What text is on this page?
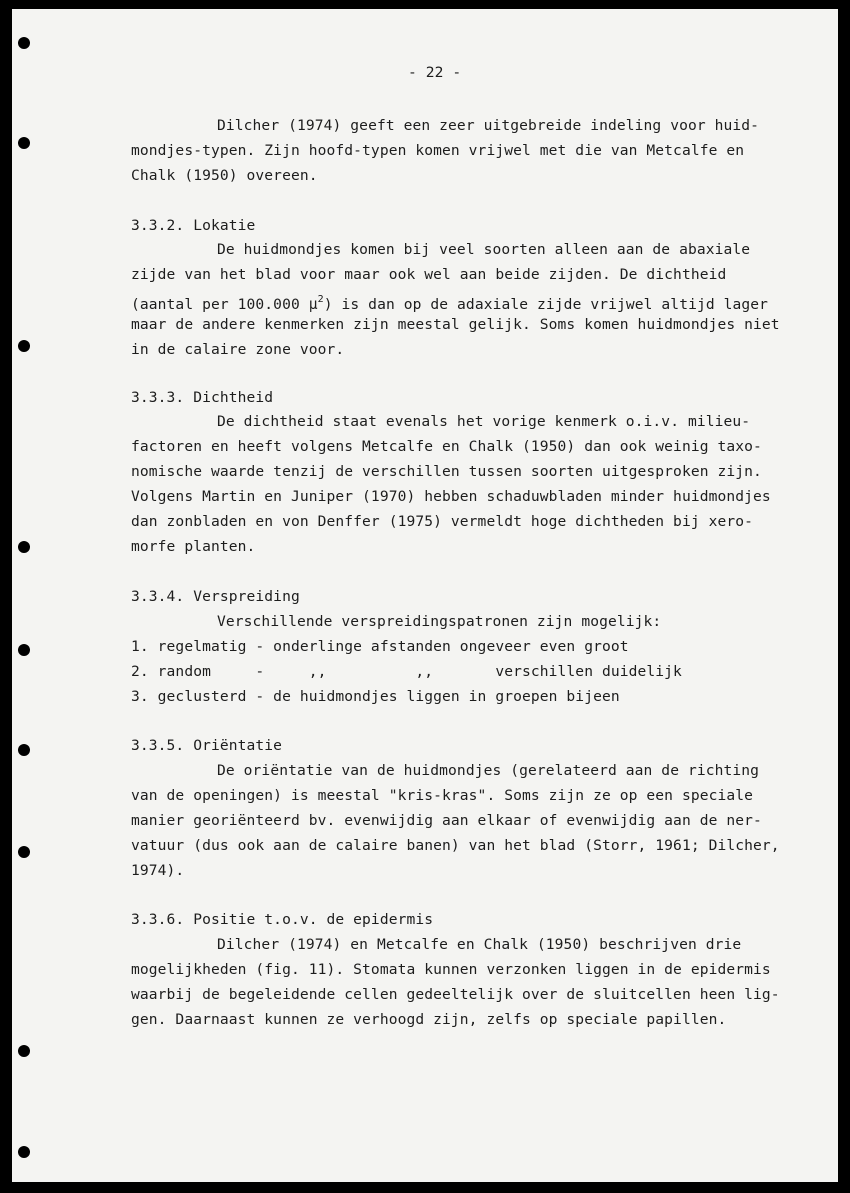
- 22 -
Dilcher (1974) geeft een zeer uitgebreide indeling voor huid-
mondjes-typen. Zijn hoofd-typen komen vrijwel met die van Metcalfe en
Chalk (1950) overeen.
3.3.2. Lokatie
De huidmondjes komen bij veel soorten alleen aan de abaxiale
zijde van het blad voor maar ook wel aan beide zijden. De dichtheid
(aantal per 100.000 $\mu^2$) is dan op de adaxiale zijde vrijwel altijd lager
maar de andere kenmerken zijn meestal gelijk. Soms komen huidmondjes niet
in de calaire zone voor.
3.3.3. Dichtheid
De dichtheid staat evenals het vorige kenmerk o.i.v. milieu-
factoren en heeft volgens Metcalfe en Chalk (1950) dan ook weinig taxo-
nomische waarde tenzij de verschillen tussen soorten uitgesproken zijn.
Volgens Martin en Juniper (1970) hebben schaduwbladen minder huidmondjes
dan zonbladen en von Denffer (1975) vermeldt hoge dichtheden bij xero-
morfe planten.
3.3.4. Verspreiding
Verschillende verspreidingspatronen zijn mogelijk:
1. regelmatig - onderlinge afstanden ongeveer even groot
2. random     -     ,,          ,,       verschillen duidelijk
3. geclusterd - de huidmondjes liggen in groepen bijeen
3.3.5. Oriëntatie
De oriëntatie van de huidmondjes (gerelateerd aan de richting
van de openingen) is meestal "kris-kras". Soms zijn ze op een speciale
manier georiënteerd bv. evenwijdig aan elkaar of evenwijdig aan de ner-
vatuur (dus ook aan de calaire banen) van het blad (Storr, 1961; Dilcher,
1974).
3.3.6. Positie t.o.v. de epidermis
Dilcher (1974) en Metcalfe en Chalk (1950) beschrijven drie
mogelijkheden (fig. 11). Stomata kunnen verzonken liggen in de epidermis
waarbij de begeleidende cellen gedeeltelijk over de sluitcellen heen lig-
gen. Daarnaast kunnen ze verhoogd zijn, zelfs op speciale papillen.
